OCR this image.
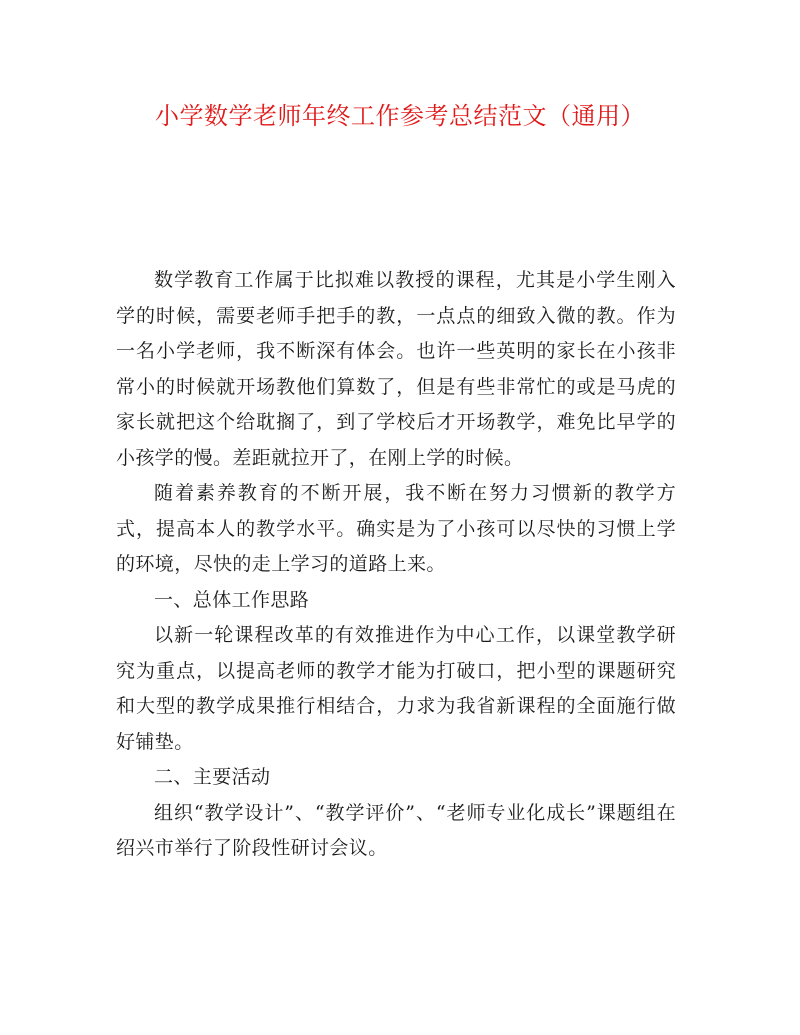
小学数学老师年终工作参考总结范文（通用）

数学教育工作属于比拟难以教授的课程，尤其是小学生刚入学的时候，需要老师手把手的教，一点点的细致入微的教。作为一名小学老师，我不断深有体会。也许一些英明的家长在小孩非常小的时候就开场教他们算数了，但是有些非常忙的或是马虎的家长就把这个给耽搁了，到了学校后才开场教学，难免比早学的小孩学的慢。差距就拉开了，在刚上学的时候。

随着素养教育的不断开展，我不断在努力习惯新的教学方式，提高本人的教学水平。确实是为了小孩可以尽快的习惯上学的环境，尽快的走上学习的道路上来。

一、总体工作思路

以新一轮课程改革的有效推进作为中心工作，以课堂教学研究为重点，以提高老师的教学才能为打破口，把小型的课题研究和大型的教学成果推行相结合，力求为我省新课程的全面施行做好铺垫。

二、主要活动

组织“教学设计”、“教学评价”、“老师专业化成长”课题组在绍兴市举行了阶段性研讨会议。
